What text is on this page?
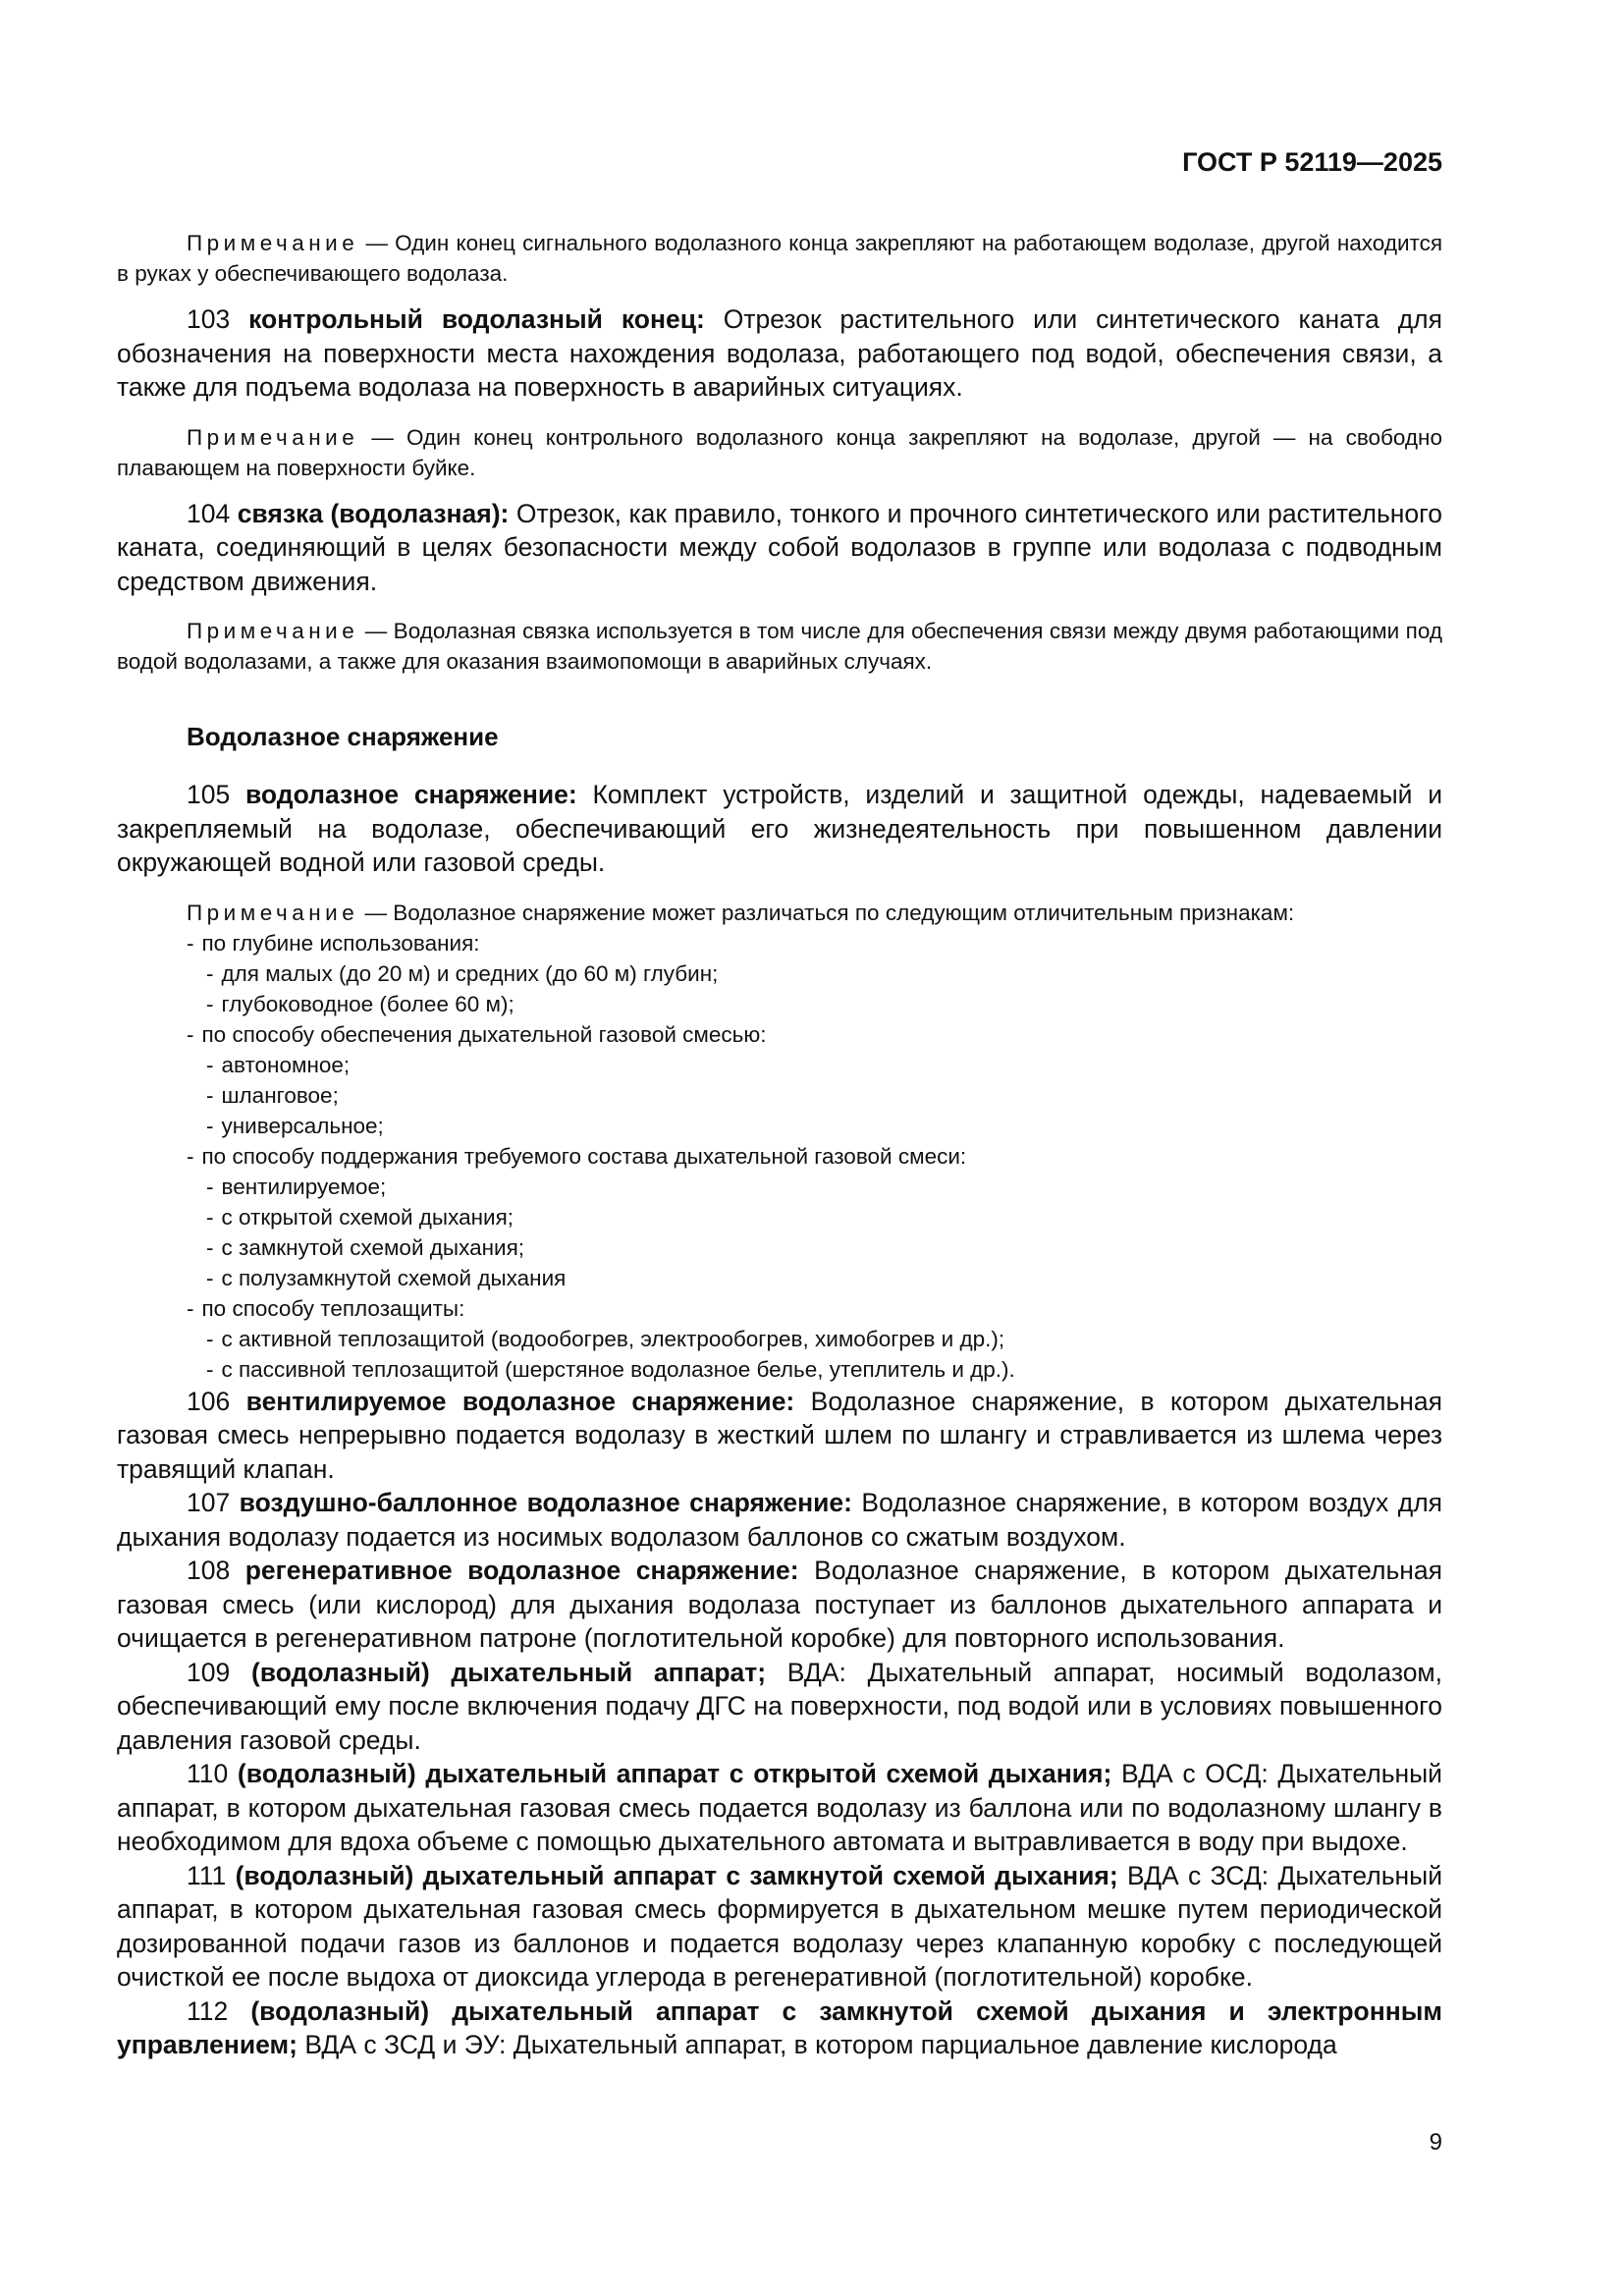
ГОСТ Р 52119—2025

Примечание — Один конец сигнального водолазного конца закрепляют на работающем водолазе, другой находится в руках у обеспечивающего водолаза.

103 контрольный водолазный конец: Отрезок растительного или синтетического каната для обозначения на поверхности места нахождения водолаза, работающего под водой, обеспечения связи, а также для подъема водолаза на поверхность в аварийных ситуациях.

Примечание — Один конец контрольного водолазного конца закрепляют на водолазе, другой — на свободно плавающем на поверхности буйке.

104 связка (водолазная): Отрезок, как правило, тонкого и прочного синтетического или растительного каната, соединяющий в целях безопасности между собой водолазов в группе или водолаза с подводным средством движения.

Примечание — Водолазная связка используется в том числе для обеспечения связи между двумя работающими под водой водолазами, а также для оказания взаимопомощи в аварийных случаях.

Водолазное снаряжение

105 водолазное снаряжение: Комплект устройств, изделий и защитной одежды, надеваемый и закрепляемый на водолазе, обеспечивающий его жизнедеятельность при повышенном давлении окружающей водной или газовой среды.

Примечание — Водолазное снаряжение может различаться по следующим отличительным признакам:

- по глубине использования:
- для малых (до 20 м) и средних (до 60 м) глубин;
- глубоководное (более 60 м);
- по способу обеспечения дыхательной газовой смесью:
- автономное;
- шланговое;
- универсальное;
- по способу поддержания требуемого состава дыхательной газовой смеси:
- вентилируемое;
- с открытой схемой дыхания;
- с замкнутой схемой дыхания;
- с полузамкнутой схемой дыхания
- по способу теплозащиты:
- с активной теплозащитой (водообогрев, электрообогрев, химобогрев и др.);
- с пассивной теплозащитой (шерстяное водолазное белье, утеплитель и др.).

106 вентилируемое водолазное снаряжение: Водолазное снаряжение, в котором дыхательная газовая смесь непрерывно подается водолазу в жесткий шлем по шлангу и стравливается из шлема через травящий клапан.

107 воздушно-баллонное водолазное снаряжение: Водолазное снаряжение, в котором воздух для дыхания водолазу подается из носимых водолазом баллонов со сжатым воздухом.

108 регенеративное водолазное снаряжение: Водолазное снаряжение, в котором дыхательная газовая смесь (или кислород) для дыхания водолаза поступает из баллонов дыхательного аппарата и очищается в регенеративном патроне (поглотительной коробке) для повторного использования.

109 (водолазный) дыхательный аппарат; ВДА: Дыхательный аппарат, носимый водолазом, обеспечивающий ему после включения подачу ДГС на поверхности, под водой или в условиях повышенного давления газовой среды.

110 (водолазный) дыхательный аппарат с открытой схемой дыхания; ВДА с ОСД: Дыхательный аппарат, в котором дыхательная газовая смесь подается водолазу из баллона или по водолазному шлангу в необходимом для вдоха объеме с помощью дыхательного автомата и вытравливается в воду при выдохе.

111 (водолазный) дыхательный аппарат с замкнутой схемой дыхания; ВДА с ЗСД: Дыхательный аппарат, в котором дыхательная газовая смесь формируется в дыхательном мешке путем периодической дозированной подачи газов из баллонов и подается водолазу через клапанную коробку с последующей очисткой ее после выдоха от диоксида углерода в регенеративной (поглотительной) коробке.

112 (водолазный) дыхательный аппарат с замкнутой схемой дыхания и электронным управлением; ВДА с ЗСД и ЭУ: Дыхательный аппарат, в котором парциальное давление кислорода

9
